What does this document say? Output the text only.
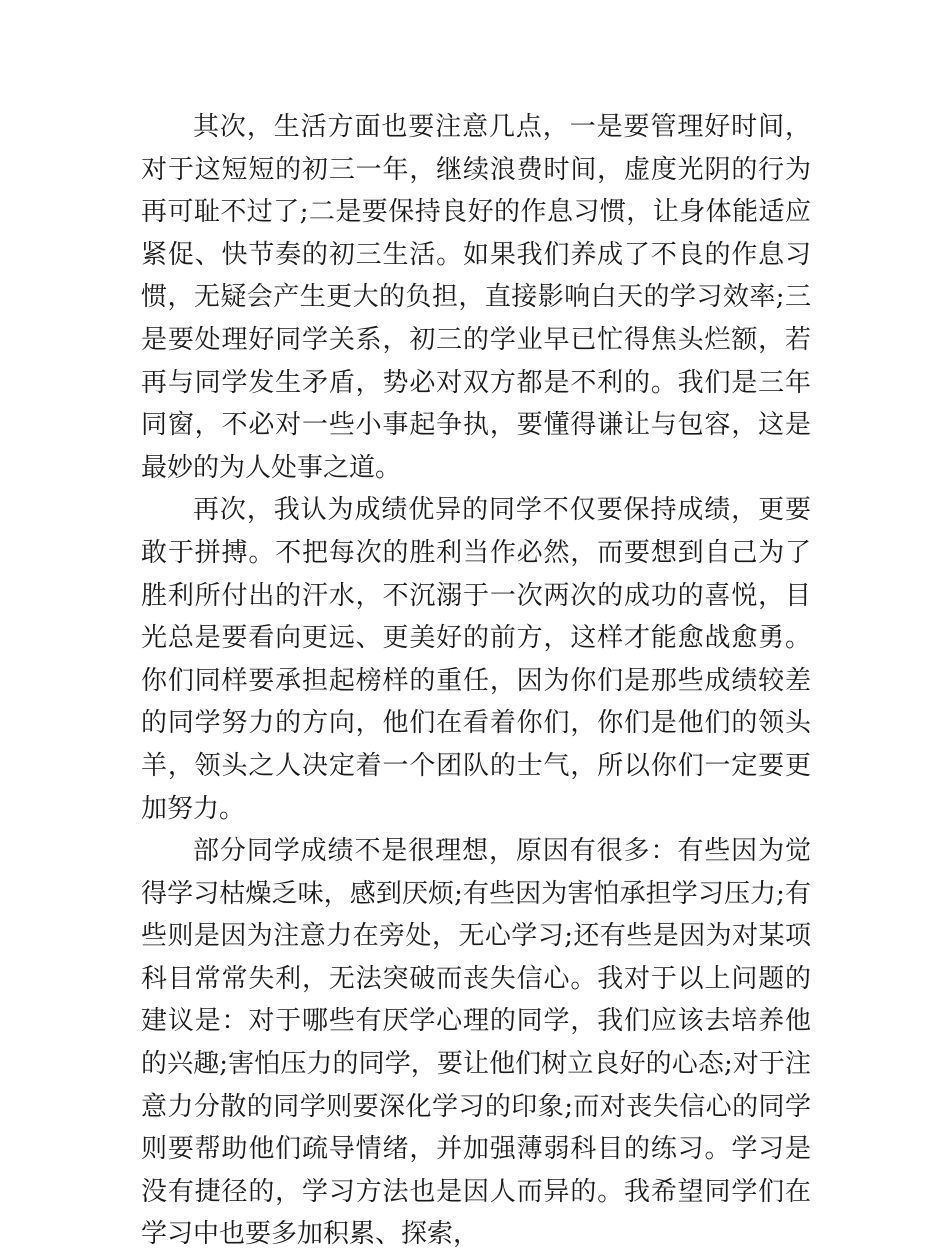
其次，生活方面也要注意几点，一是要管理好时间，对于这短短的初三一年，继续浪费时间，虚度光阴的行为再可耻不过了;二是要保持良好的作息习惯，让身体能适应紧促、快节奏的初三生活。如果我们养成了不良的作息习惯，无疑会产生更大的负担，直接影响白天的学习效率;三是要处理好同学关系，初三的学业早已忙得焦头烂额，若再与同学发生矛盾，势必对双方都是不利的。我们是三年同窗，不必对一些小事起争执，要懂得谦让与包容，这是最妙的为人处事之道。

再次，我认为成绩优异的同学不仅要保持成绩，更要敢于拼搏。不把每次的胜利当作必然，而要想到自己为了胜利所付出的汗水，不沉溺于一次两次的成功的喜悦，目光总是要看向更远、更美好的前方，这样才能愈战愈勇。你们同样要承担起榜样的重任，因为你们是那些成绩较差的同学努力的方向，他们在看着你们，你们是他们的领头羊，领头之人决定着一个团队的士气，所以你们一定要更加努力。

部分同学成绩不是很理想，原因有很多：有些因为觉得学习枯燥乏味，感到厌烦;有些因为害怕承担学习压力;有些则是因为注意力在旁处，无心学习;还有些是因为对某项科目常常失利，无法突破而丧失信心。我对于以上问题的建议是：对于哪些有厌学心理的同学，我们应该去培养他的兴趣;害怕压力的同学，要让他们树立良好的心态;对于注意力分散的同学则要深化学习的印象;而对丧失信心的同学则要帮助他们疏导情绪，并加强薄弱科目的练习。学习是没有捷径的，学习方法也是因人而异的。我希望同学们在学习中也要多加积累、探索，
